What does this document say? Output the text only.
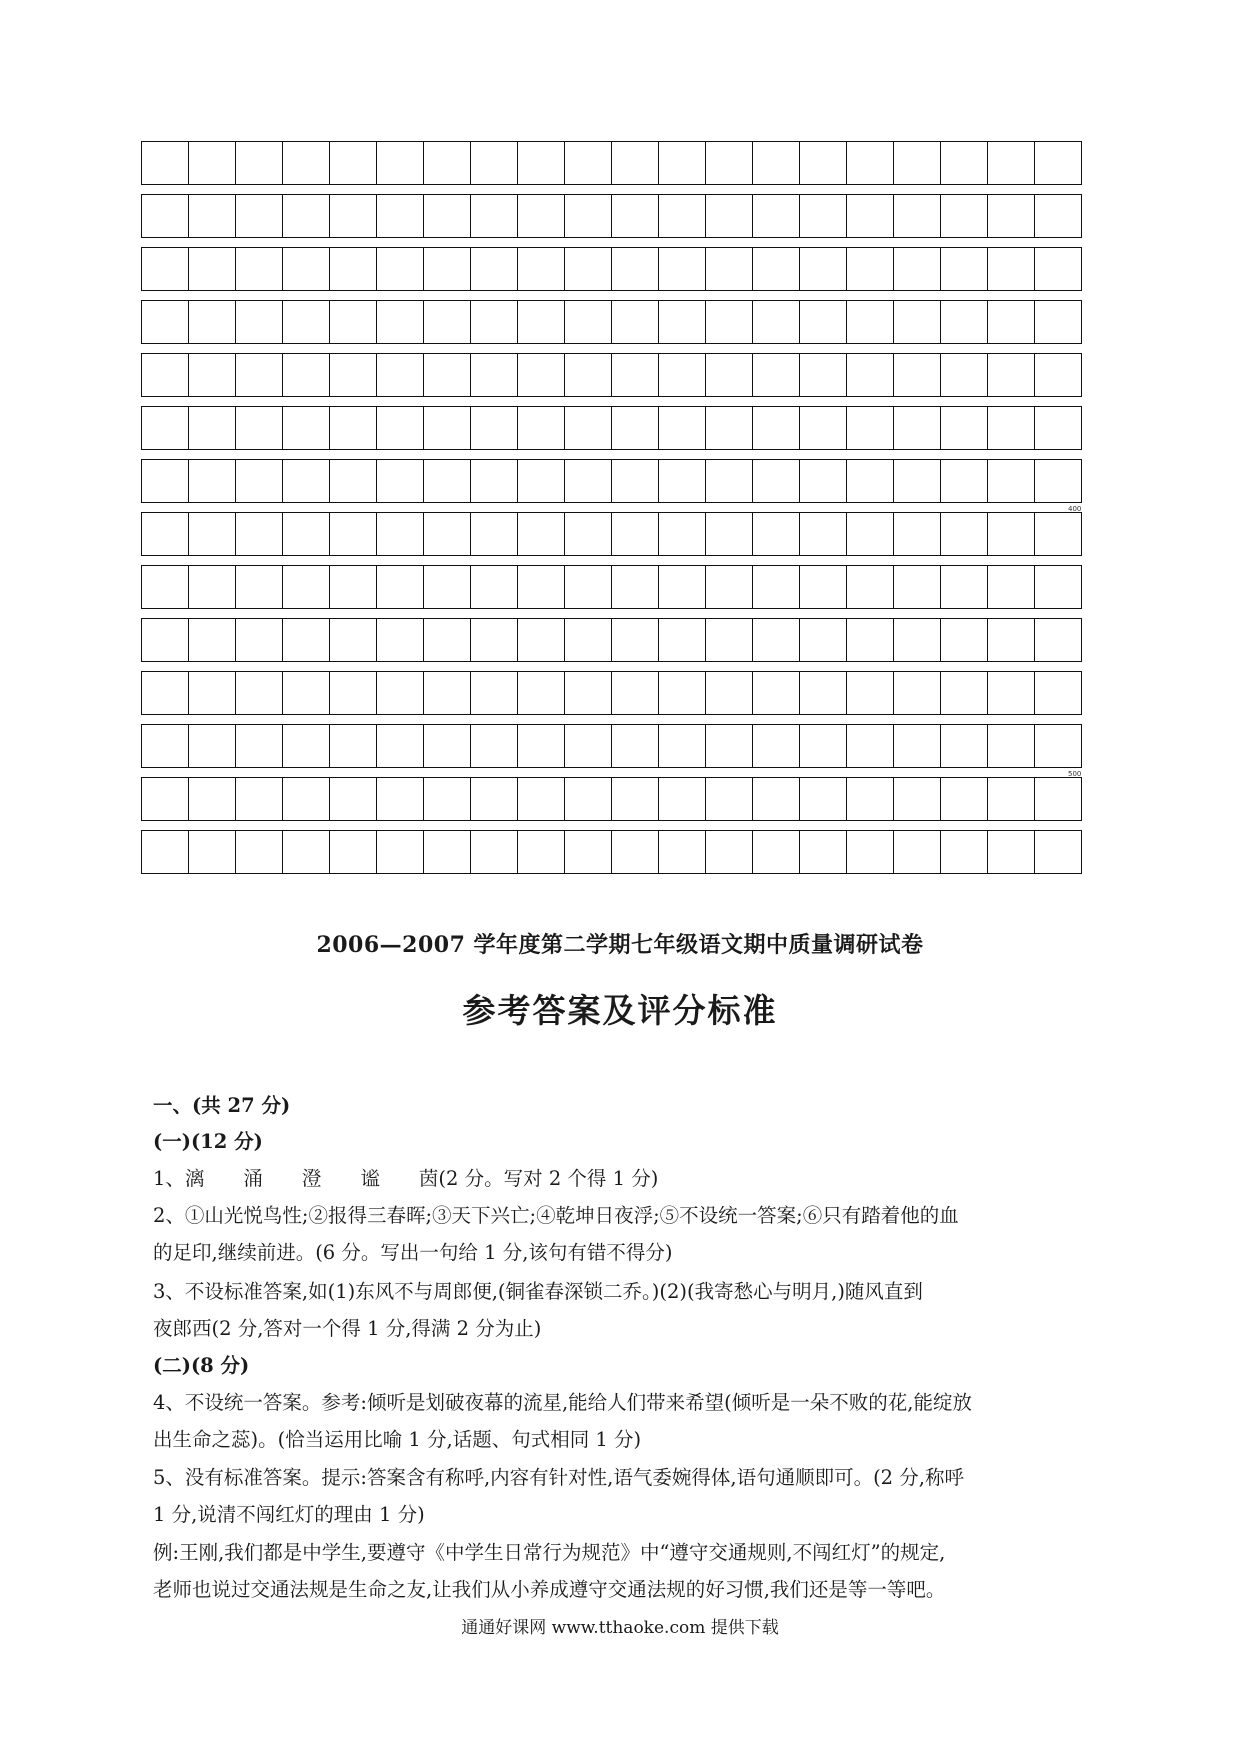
400
500
2006—2007 学年度第二学期七年级语文期中质量调研试卷
参考答案及评分标准
一、(共 27 分)
(一)(12 分)
1、漓　　涌　　澄　　谧　　茵(2 分。写对 2 个得 1 分)
2、①山光悦鸟性;②报得三春晖;③天下兴亡;④乾坤日夜浮;⑤不设统一答案;⑥只有踏着他的血
的足印,继续前进。(6 分。写出一句给 1 分,该句有错不得分)
3、不设标准答案,如(1)东风不与周郎便,(铜雀春深锁二乔。)(2)(我寄愁心与明月,)随风直到
夜郎西(2 分,答对一个得 1 分,得满 2 分为止)
(二)(8 分)
4、不设统一答案。参考:倾听是划破夜幕的流星,能给人们带来希望(倾听是一朵不败的花,能绽放
出生命之蕊)。(恰当运用比喻 1 分,话题、句式相同 1 分)
5、没有标准答案。提示:答案含有称呼,内容有针对性,语气委婉得体,语句通顺即可。(2 分,称呼
1 分,说清不闯红灯的理由 1 分)
例:王刚,我们都是中学生,要遵守《中学生日常行为规范》中“遵守交通规则,不闯红灯”的规定,
老师也说过交通法规是生命之友,让我们从小养成遵守交通法规的好习惯,我们还是等一等吧。
通通好课网 www.tthaoke.com 提供下载
